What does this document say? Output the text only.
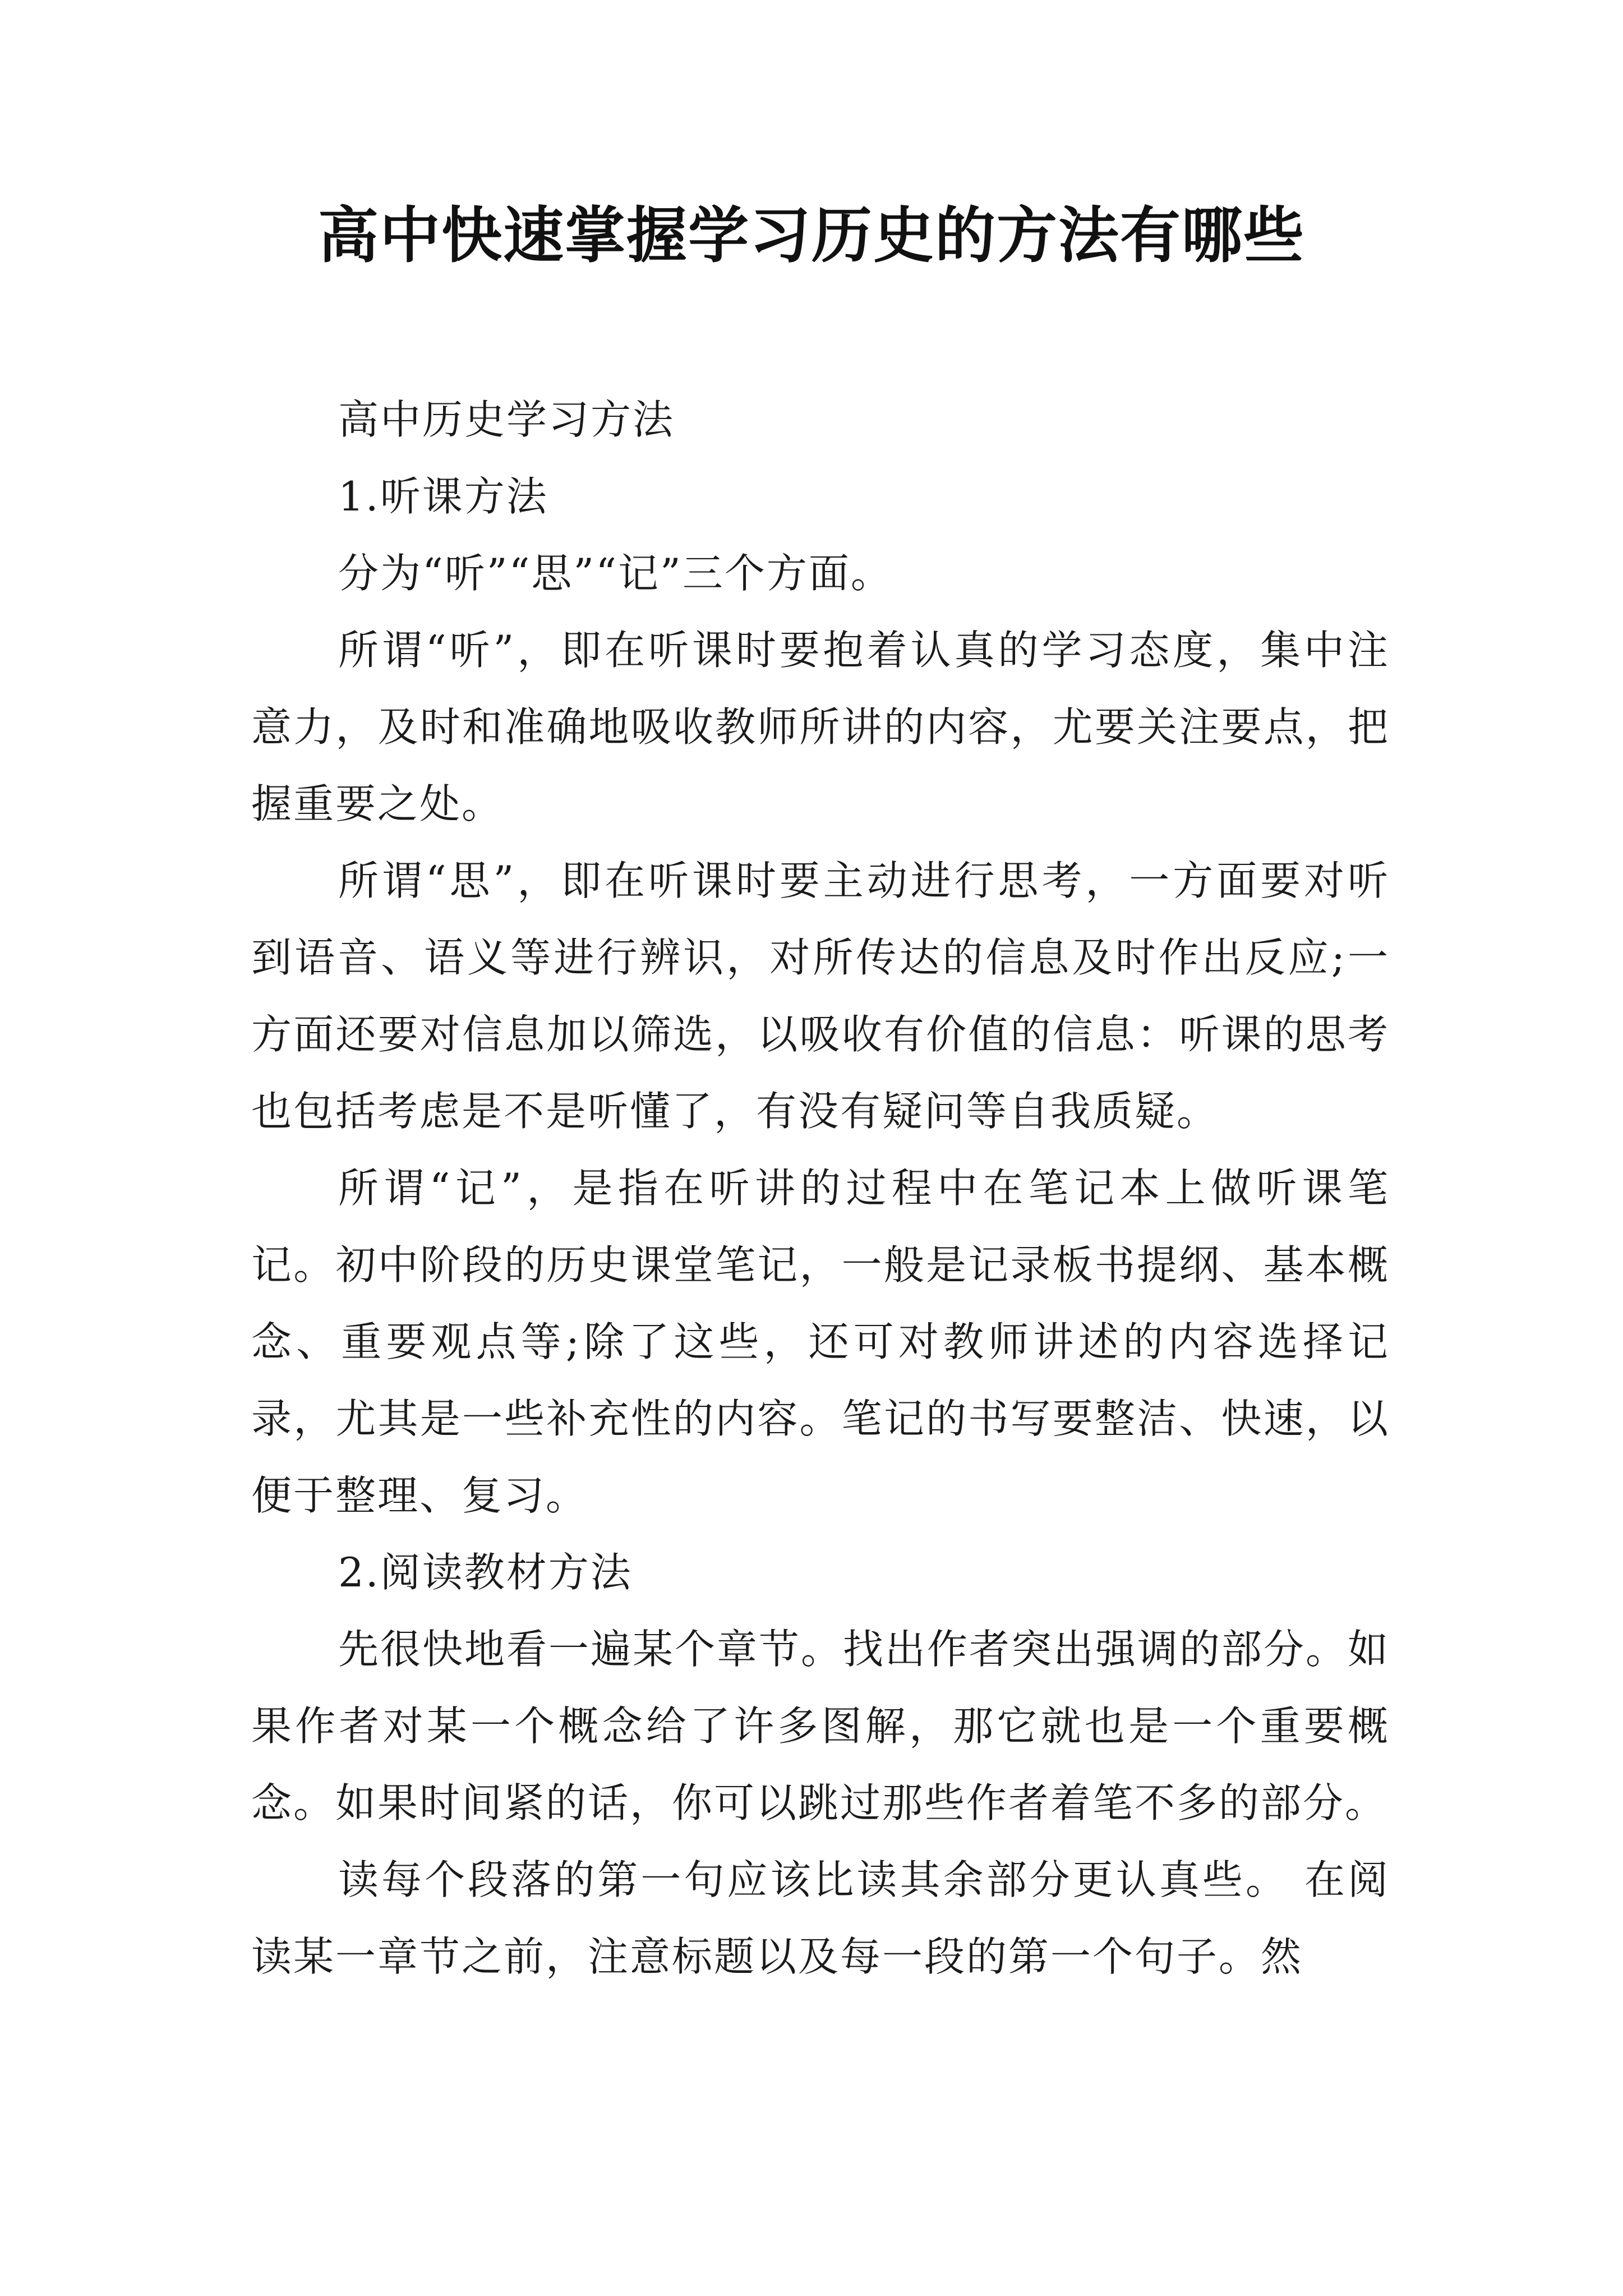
高中快速掌握学习历史的方法有哪些

高中历史学习方法

1.听课方法

分为“听”“思”“记”三个方面。

所谓“听”，即在听课时要抱着认真的学习态度，集中注意力，及时和准确地吸收教师所讲的内容，尤要关注要点，把握重要之处。

所谓“思”，即在听课时要主动进行思考，一方面要对听到语音、语义等进行辨识，对所传达的信息及时作出反应;一方面还要对信息加以筛选，以吸收有价值的信息：听课的思考也包括考虑是不是听懂了，有没有疑问等自我质疑。

所谓“记”，是指在听讲的过程中在笔记本上做听课笔记。初中阶段的历史课堂笔记，一般是记录板书提纲、基本概念、重要观点等;除了这些，还可对教师讲述的内容选择记录，尤其是一些补充性的内容。笔记的书写要整洁、快速，以便于整理、复习。

2.阅读教材方法

先很快地看一遍某个章节。找出作者突出强调的部分。如果作者对某一个概念给了许多图解，那它就也是一个重要概念。如果时间紧的话，你可以跳过那些作者着笔不多的部分。

读每个段落的第一句应该比读其余部分更认真些。 在阅读某一章节之前，注意标题以及每一段的第一个句子。然
